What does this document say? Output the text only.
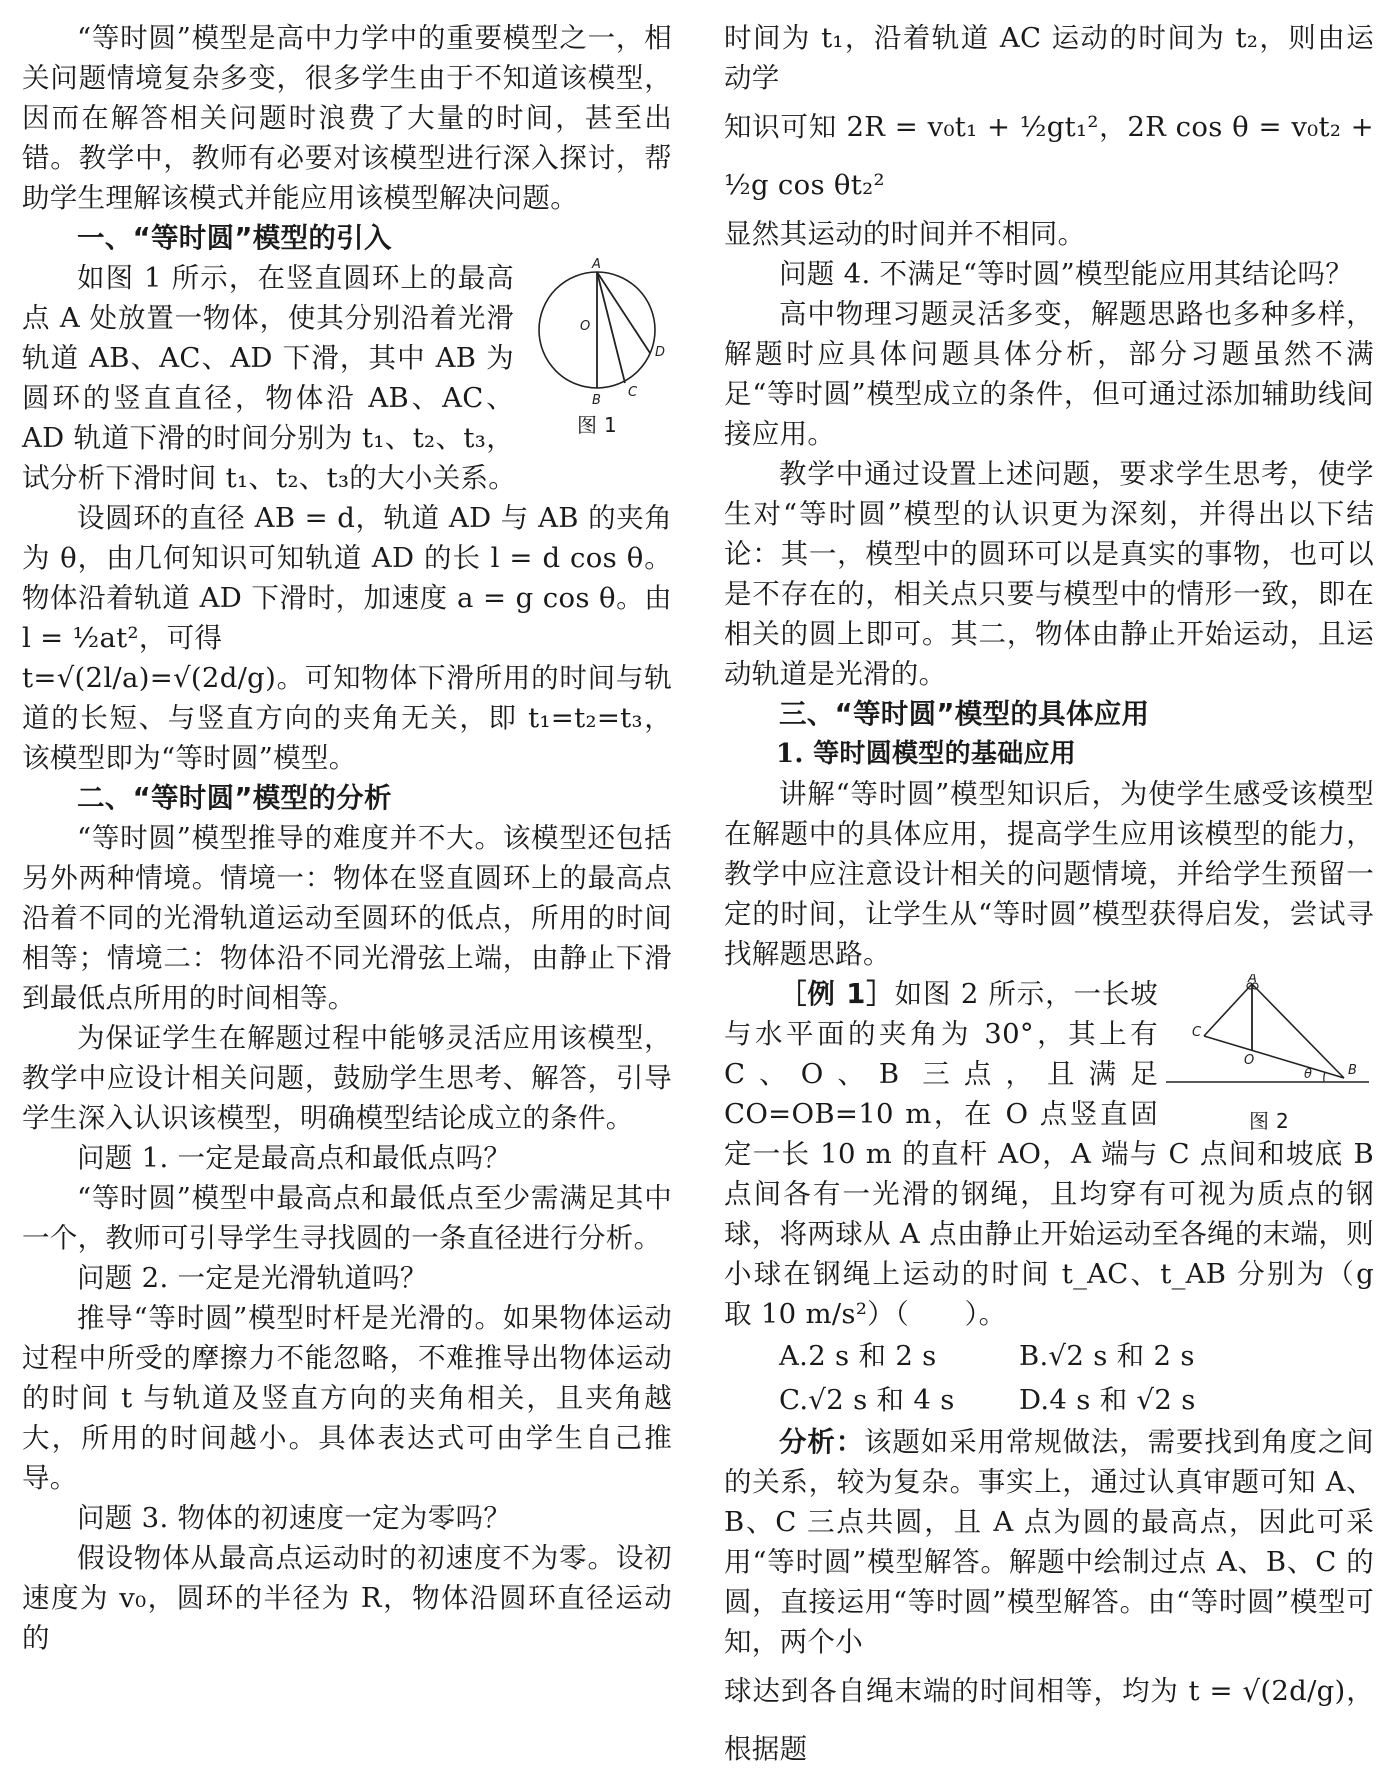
“等时圆”模型是高中力学中的重要模型之一，相关问题情境复杂多变，很多学生由于不知道该模型，因而在解答相关问题时浪费了大量的时间，甚至出错。教学中，教师有必要对该模型进行深入探讨，帮助学生理解该模式并能应用该模型解决问题。

一、“等时圆”模型的引入
A
O
D
B
C
图 1

如图 1 所示，在竖直圆环上的最高点 A 处放置一物体，使其分别沿着光滑轨道 AB、AC、AD 下滑，其中 AB 为圆环的竖直直径，物体沿 AB、AC、AD 轨道下滑的时间分别为 t₁、t₂、t₃，试分析下滑时间 t₁、t₂、t₃的大小关系。

设圆环的直径 AB = d，轨道 AD 与 AB 的夹角为 θ，由几何知识可知轨道 AD 的长 l = d cos θ。物体沿着轨道 AD 下滑时，加速度 a = g cos θ。由 l = ½at²，可得

t=√(2l/a)=√(2d/g)。可知物体下滑所用的时间与轨道的长短、与竖直方向的夹角无关，即 t₁=t₂=t₃，该模型即为“等时圆”模型。

二、“等时圆”模型的分析

“等时圆”模型推导的难度并不大。该模型还包括另外两种情境。情境一：物体在竖直圆环上的最高点沿着不同的光滑轨道运动至圆环的低点，所用的时间相等；情境二：物体沿不同光滑弦上端，由静止下滑到最低点所用的时间相等。

为保证学生在解题过程中能够灵活应用该模型，教学中应设计相关问题，鼓励学生思考、解答，引导学生深入认识该模型，明确模型结论成立的条件。

问题 1. 一定是最高点和最低点吗？

“等时圆”模型中最高点和最低点至少需满足其中一个，教师可引导学生寻找圆的一条直径进行分析。

问题 2. 一定是光滑轨道吗？

推导“等时圆”模型时杆是光滑的。如果物体运动过程中所受的摩擦力不能忽略，不难推导出物体运动的时间 t 与轨道及竖直方向的夹角相关，且夹角越大，所用的时间越小。具体表达式可由学生自己推导。

问题 3. 物体的初速度一定为零吗？

假设物体从最高点运动时的初速度不为零。设初速度为 v₀，圆环的半径为 R，物体沿圆环直径运动的

时间为 t₁，沿着轨道 AC 运动的时间为 t₂，则由运动学

知识可知 2R = v₀t₁ + ½gt₁²，2R cos θ = v₀t₂ + ½g cos θt₂²

显然其运动的时间并不相同。

问题 4. 不满足“等时圆”模型能应用其结论吗？

高中物理习题灵活多变，解题思路也多种多样，解题时应具体问题具体分析，部分习题虽然不满足“等时圆”模型成立的条件，但可通过添加辅助线间接应用。

教学中通过设置上述问题，要求学生思考，使学生对“等时圆”模型的认识更为深刻，并得出以下结论：其一，模型中的圆环可以是真实的事物，也可以是不存在的，相关点只要与模型中的情形一致，即在相关的圆上即可。其二，物体由静止开始运动，且运动轨道是光滑的。

三、“等时圆”模型的具体应用
1. 等时圆模型的基础应用

讲解“等时圆”模型知识后，为使学生感受该模型在解题中的具体应用，提高学生应用该模型的能力，教学中应注意设计相关的问题情境，并给学生预留一定的时间，让学生从“等时圆”模型获得启发，尝试寻找解题思路。

A
C
O
θ	B
图 2

［例 1］如图 2 所示，一长坡与水平面的夹角为 30°，其上有 C、O、B 三点，且满足 CO=OB=10 m，在 O 点竖直固定一长 10 m 的直杆 AO，A 端与 C 点间和坡底 B 点间各有一光滑的钢绳，且均穿有可视为质点的钢球，将两球从 A 点由静止开始运动至各绳的末端，则小球在钢绳上运动的时间 t_AC、t_AB 分别为（g 取 10 m/s²）（　　）。

A.2 s 和 2 s	B.√2 s 和 2 s
C.√2 s 和 4 s	D.4 s 和 √2 s

分析：该题如采用常规做法，需要找到角度之间的关系，较为复杂。事实上，通过认真审题可知 A、B、C 三点共圆，且 A 点为圆的最高点，因此可采用“等时圆”模型解答。解题中绘制过点 A、B、C 的圆，直接运用“等时圆”模型解答。由“等时圆”模型可知，两个小

球达到各自绳末端的时间相等，均为 t = √(2d/g)，根据题
